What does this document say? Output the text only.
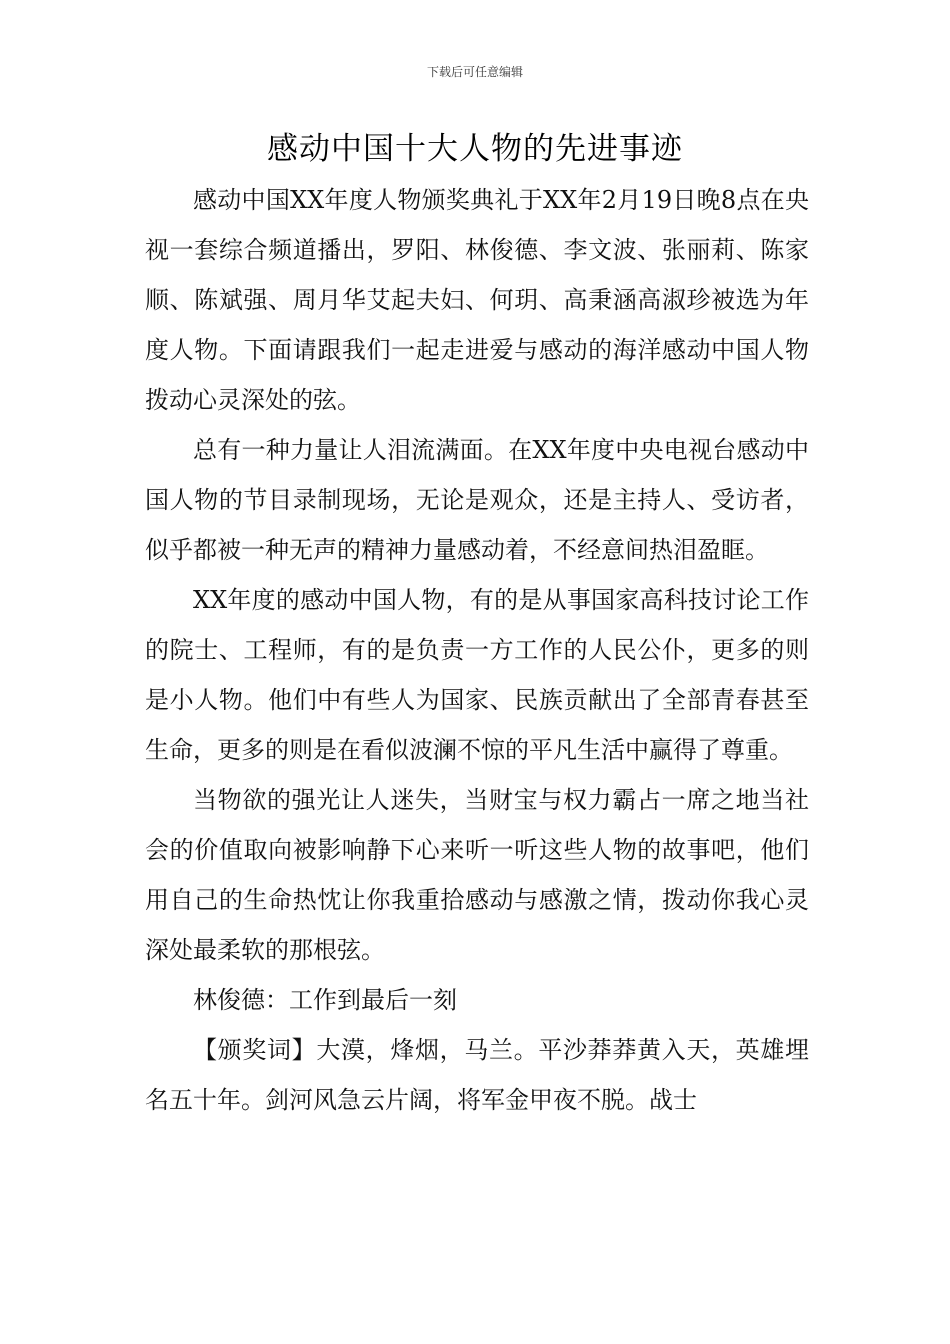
下载后可任意编辑
感动中国十大人物的先进事迹

感动中国XX年度人物颁奖典礼于XX年2月19日晚8点在央视一套综合频道播出，罗阳、林俊德、李文波、张丽莉、陈家顺、陈斌强、周月华艾起夫妇、何玥、高秉涵高淑珍被选为年度人物。下面请跟我们一起走进爱与感动的海洋感动中国人物拨动心灵深处的弦。

总有一种力量让人泪流满面。在XX年度中央电视台感动中国人物的节目录制现场，无论是观众，还是主持人、受访者，似乎都被一种无声的精神力量感动着，不经意间热泪盈眶。

XX年度的感动中国人物，有的是从事国家高科技讨论工作的院士、工程师，有的是负责一方工作的人民公仆，更多的则是小人物。他们中有些人为国家、民族贡献出了全部青春甚至生命，更多的则是在看似波澜不惊的平凡生活中赢得了尊重。

当物欲的强光让人迷失，当财宝与权力霸占一席之地当社会的价值取向被影响静下心来听一听这些人物的故事吧，他们用自己的生命热忱让你我重拾感动与感激之情，拨动你我心灵深处最柔软的那根弦。

林俊德：工作到最后一刻

【颁奖词】大漠，烽烟，马兰。平沙莽莽黄入天，英雄埋名五十年。剑河风急云片阔，将军金甲夜不脱。战士
